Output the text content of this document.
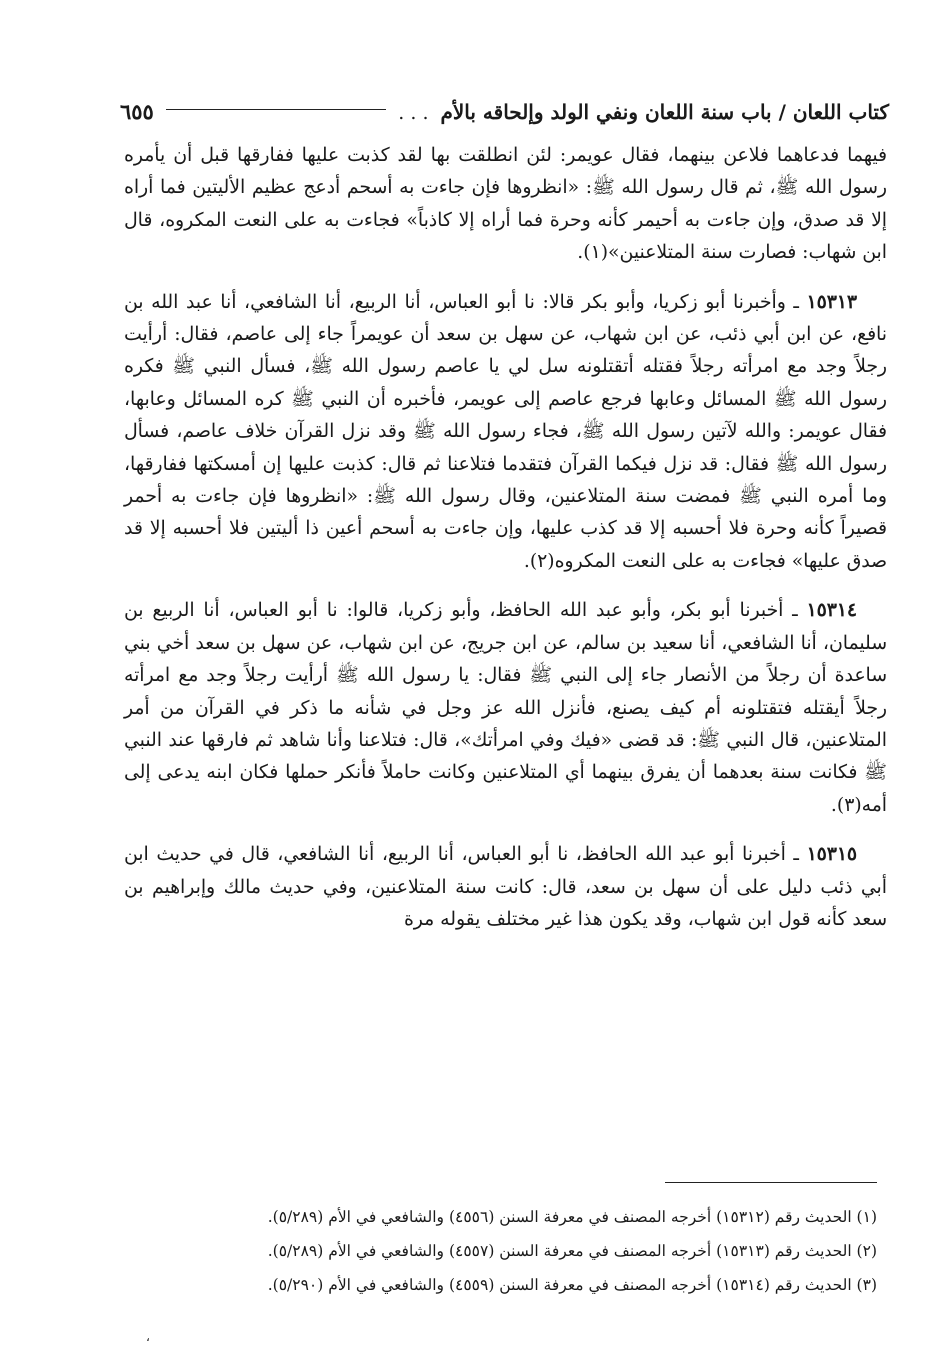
كتاب اللعان / باب سنة اللعان ونفي الولد وإلحاقه بالأم
. . .
٦٥٥

فيهما فدعاهما فلاعن بينهما، فقال عويمر: لئن انطلقت بها لقد كذبت عليها ففارقها قبل أن يأمره رسول الله ﷺ، ثم قال رسول الله ﷺ: «انظروها فإن جاءت به أسحم أدعج عظيم الأليتين فما أراه إلا قد صدق، وإن جاءت به أحيمر كأنه وحرة فما أراه إلا كاذباً» فجاءت به على النعت المكروه، قال ابن شهاب: فصارت سنة المتلاعنين»(١).

١٥٣١٣ ـ وأخبرنا أبو زكريا، وأبو بكر قالا: نا أبو العباس، أنا الربيع، أنا الشافعي، أنا عبد الله بن نافع، عن ابن أبي ذئب، عن ابن شهاب، عن سهل بن سعد أن عويمراً جاء إلى عاصم، فقال: أرأيت رجلاً وجد مع امرأته رجلاً فقتله أتقتلونه سل لي يا عاصم رسول الله ﷺ، فسأل النبي ﷺ فكره رسول الله ﷺ المسائل وعابها فرجع عاصم إلى عويمر، فأخبره أن النبي ﷺ كره المسائل وعابها، فقال عويمر: والله لآتين رسول الله ﷺ، فجاء رسول الله ﷺ وقد نزل القرآن خلاف عاصم، فسأل رسول الله ﷺ فقال: قد نزل فيكما القرآن فتقدما فتلاعنا ثم قال: كذبت عليها إن أمسكتها ففارقها، وما أمره النبي ﷺ فمضت سنة المتلاعنين، وقال رسول الله ﷺ: «انظروها فإن جاءت به أحمر قصيراً كأنه وحرة فلا أحسبه إلا قد كذب عليها، وإن جاءت به أسحم أعين ذا أليتين فلا أحسبه إلا قد صدق عليها» فجاءت به على النعت المكروه(٢).

١٥٣١٤ ـ أخبرنا أبو بكر، وأبو عبد الله الحافظ، وأبو زكريا، قالوا: نا أبو العباس، أنا الربيع بن سليمان، أنا الشافعي، أنا سعيد بن سالم، عن ابن جريج، عن ابن شهاب، عن سهل بن سعد أخي بني ساعدة أن رجلاً من الأنصار جاء إلى النبي ﷺ فقال: يا رسول الله ﷺ أرأيت رجلاً وجد مع امرأته رجلاً أيقتله فتقتلونه أم كيف يصنع، فأنزل الله عز وجل في شأنه ما ذكر في القرآن من أمر المتلاعنين، قال النبي ﷺ: قد قضى «فيك وفي امرأتك»، قال: فتلاعنا وأنا شاهد ثم فارقها عند النبي ﷺ فكانت سنة بعدهما أن يفرق بينهما أي المتلاعنين وكانت حاملاً فأنكر حملها فكان ابنه يدعى إلى أمه(٣).

١٥٣١٥ ـ أخبرنا أبو عبد الله الحافظ، نا أبو العباس، أنا الربيع، أنا الشافعي، قال في حديث ابن أبي ذئب دليل على أن سهل بن سعد، قال: كانت سنة المتلاعنين، وفي حديث مالك وإبراهيم بن سعد كأنه قول ابن شهاب، وقد يكون هذا غير مختلف يقوله مرة

(١) الحديث رقم (١٥٣١٢) أخرجه المصنف في معرفة السنن (٤٥٥٦) والشافعي في الأم (٥/٢٨٩).

(٢) الحديث رقم (١٥٣١٣) أخرجه المصنف في معرفة السنن (٤٥٥٧) والشافعي في الأم (٥/٢٨٩).

(٣) الحديث رقم (١٥٣١٤) أخرجه المصنف في معرفة السنن (٤٥٥٩) والشافعي في الأم (٥/٢٩٠).

،
